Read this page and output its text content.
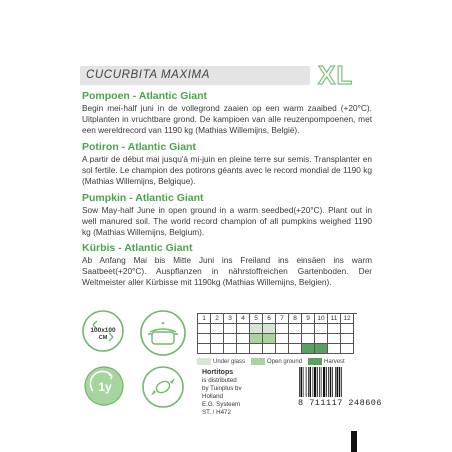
CUCURBITA MAXIMA	XL

Pompoen - Atlantic Giant

Begin mei-half juni in de vollegrond zaaien op een warm zaaibed (+20°C). Uitplanten in vruchtbare grond. De kampioen van alle reuzenpompoenen, met een wereldrecord van 1190 kg (Mathias Willemijns, België).

Potiron - Atlantic Giant

A partir de début mai jusqu'à mi-juin en pleine terre sur semis. Transplanter en sol fertile. Le champion des potirons géants avec le record mondial de 1190 kg (Mathias Willemijns, Belgique).

Pumpkin - Atlantic Giant

Sow May-half June in open ground in a warm seedbed(+20°C). Plant out in well manured soil. The world record champion of all pumpkins weighed 1190 kg (Mathias Willemijns, Belgium).

Kürbis - Atlantic Giant

Ab Anfang Mai bis Mitte Juni ins Freiland ins einsäen ins warm Saatbeet(+20°C). Auspflanzen in nährstoffreichen Gartenboden. Der Weltmeister aller Kürbisse mit 1190kg (Mathias Willemijns, Belgien).

100x100
CM
1y
1	2	3	4	5	6	7	8	9	10 11 12
Under glass	Open ground	Harvest
Hortitops
is distributed
by Tuinplus bv
Holland
E.G. Systeem
ST. / H472
8 711117 248606
